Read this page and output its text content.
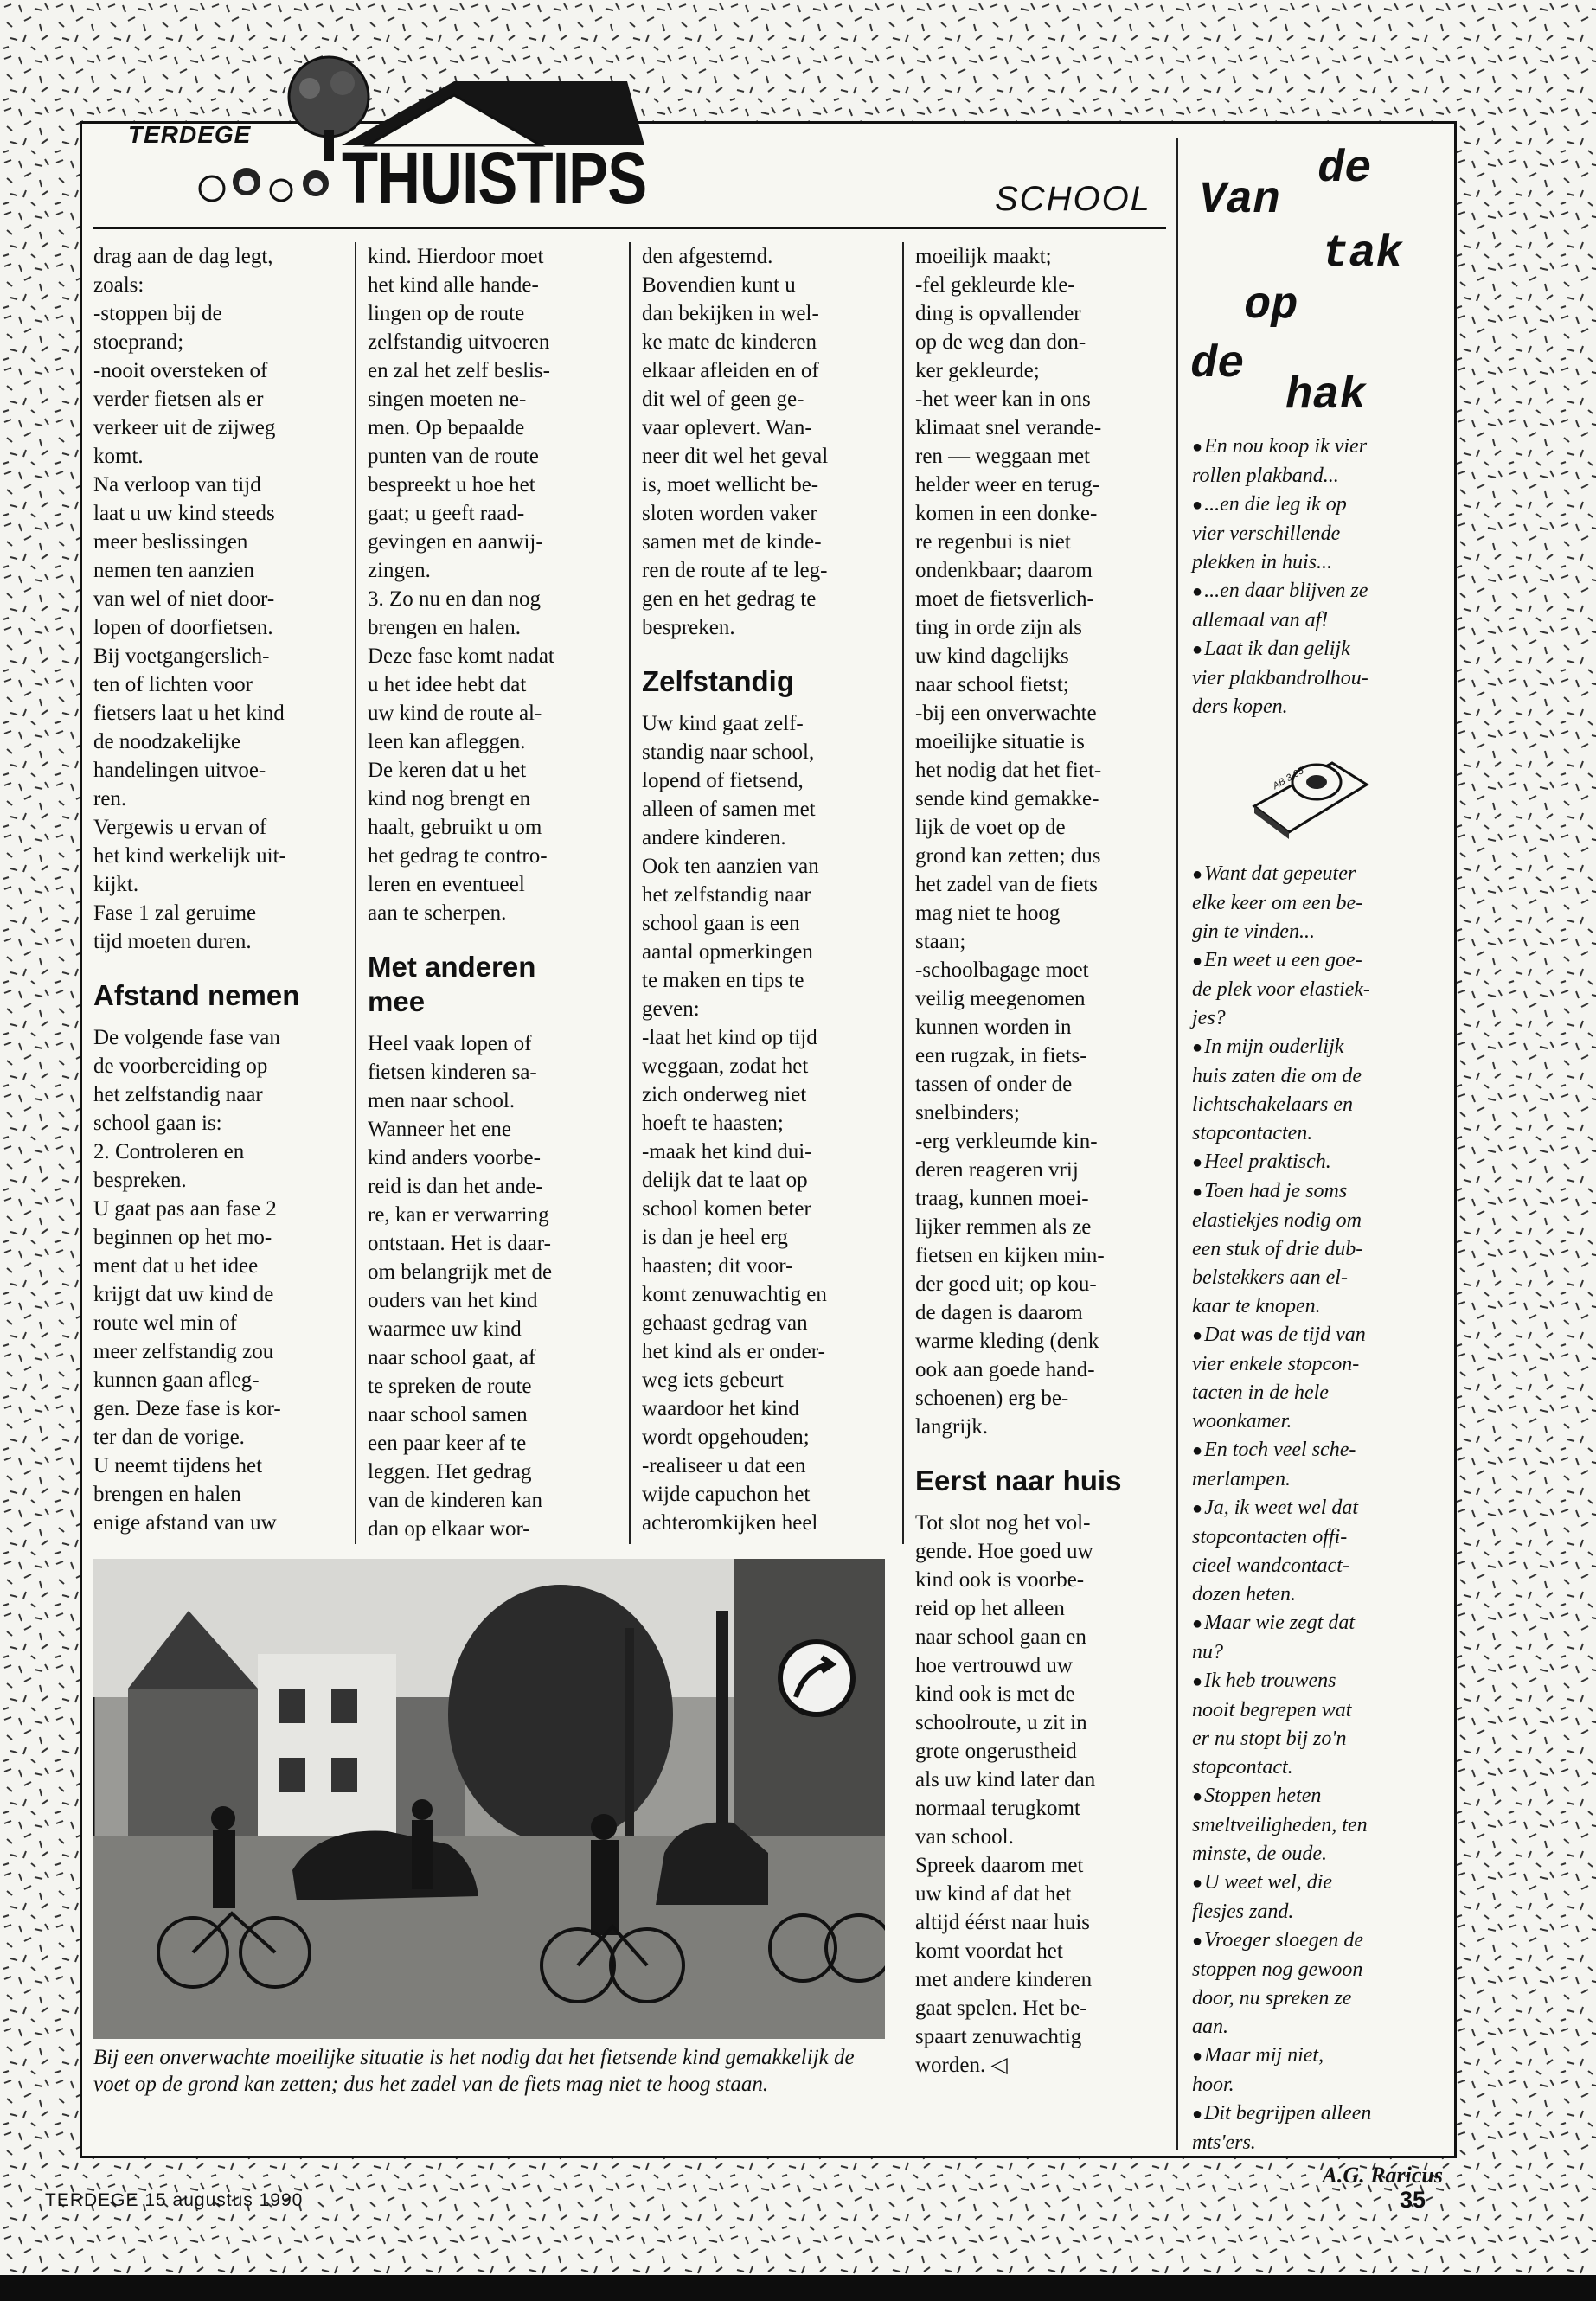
TERDEGE
THUISTIPS	SCHOOL

drag aan de dag legt,
zoals:
-stoppen bij de
stoeprand;
-nooit oversteken of
verder fietsen als er
verkeer uit de zijweg
komt.
Na verloop van tijd
laat u uw kind steeds
meer beslissingen
nemen ten aanzien
van wel of niet door-
lopen of doorfietsen.
Bij voetgangerslich-
ten of lichten voor
fietsers laat u het kind
de noodzakelijke
handelingen uitvoe-
ren.
Vergewis u ervan of
het kind werkelijk uit-
kijkt.
Fase 1 zal geruime
tijd moeten duren.

Afstand nemen

De volgende fase van
de voorbereiding op
het zelfstandig naar
school gaan is:
2. Controleren en
bespreken.
U gaat pas aan fase 2
beginnen op het mo-
ment dat u het idee
krijgt dat uw kind de
route wel min of
meer zelfstandig zou
kunnen gaan afleg-
gen. Deze fase is kor-
ter dan de vorige.
U neemt tijdens het
brengen en halen
enige afstand van uw

kind. Hierdoor moet
het kind alle hande-
lingen op de route
zelfstandig uitvoeren
en zal het zelf beslis-
singen moeten ne-
men. Op bepaalde
punten van de route
bespreekt u hoe het
gaat; u geeft raad-
gevingen en aanwij-
zingen.
3. Zo nu en dan nog
brengen en halen.
Deze fase komt nadat
u het idee hebt dat
uw kind de route al-
leen kan afleggen.
De keren dat u het
kind nog brengt en
haalt, gebruikt u om
het gedrag te contro-
leren en eventueel
aan te scherpen.

Met anderen
mee

Heel vaak lopen of
fietsen kinderen sa-
men naar school.
Wanneer het ene
kind anders voorbe-
reid is dan het ande-
re, kan er verwarring
ontstaan. Het is daar-
om belangrijk met de
ouders van het kind
waarmee uw kind
naar school gaat, af
te spreken de route
naar school samen
een paar keer af te
leggen. Het gedrag
van de kinderen kan
dan op elkaar wor-

den afgestemd.
Bovendien kunt u
dan bekijken in wel-
ke mate de kinderen
elkaar afleiden en of
dit wel of geen ge-
vaar oplevert. Wan-
neer dit wel het geval
is, moet wellicht be-
sloten worden vaker
samen met de kinde-
ren de route af te leg-
gen en het gedrag te
bespreken.

Zelfstandig

Uw kind gaat zelf-
standig naar school,
lopend of fietsend,
alleen of samen met
andere kinderen.
Ook ten aanzien van
het zelfstandig naar
school gaan is een
aantal opmerkingen
te maken en tips te
geven:
-laat het kind op tijd
weggaan, zodat het
zich onderweg niet
hoeft te haasten;
-maak het kind dui-
delijk dat te laat op
school komen beter
is dan je heel erg
haasten; dit voor-
komt zenuwachtig en
gehaast gedrag van
het kind als er onder-
weg iets gebeurt
waardoor het kind
wordt opgehouden;
-realiseer u dat een
wijde capuchon het
achteromkijken heel

moeilijk maakt;
-fel gekleurde kle-
ding is opvallender
op de weg dan don-
ker gekleurde;
-het weer kan in ons
klimaat snel verande-
ren — weggaan met
helder weer en terug-
komen in een donke-
re regenbui is niet
ondenkbaar; daarom
moet de fietsverlich-
ting in orde zijn als
uw kind dagelijks
naar school fietst;
-bij een onverwachte
moeilijke situatie is
het nodig dat het fiet-
sende kind gemakke-
lijk de voet op de
grond kan zetten; dus
het zadel van de fiets
mag niet te hoog
staan;
-schoolbagage moet
veilig meegenomen
kunnen worden in
een rugzak, in fiets-
tassen of onder de
snelbinders;
-erg verkleumde kin-
deren reageren vrij
traag, kunnen moei-
lijker remmen als ze
fietsen en kijken min-
der goed uit; op kou-
de dagen is daarom
warme kleding (denk
ook aan goede hand-
schoenen) erg be-
langrijk.

Eerst naar huis

Tot slot nog het vol-
gende. Hoe goed uw
kind ook is voorbe-
reid op het alleen
naar school gaan en
hoe vertrouwd uw
kind ook is met de
schoolroute, u zit in
grote ongerustheid
als uw kind later dan
normaal terugkomt
van school.
Spreek daarom met
uw kind af dat het
altijd éérst naar huis
komt voordat het
met andere kinderen
gaat spelen. Het be-
spaart zenuwachtig
worden. ◁

Bij een onverwachte moeilijke situatie is het nodig dat het fietsende kind gemakkelijk de voet op de grond kan zetten; dus het zadel van de fiets mag niet te hoog staan.

Van
de
tak
op
de
hak

●En nou koop ik vier
rollen plakband...

●...en die leg ik op
vier verschillende
plekken in huis...

●...en daar blijven ze
allemaal van af!

●Laat ik dan gelijk
vier plakbandrolhou-
ders kopen.

AB 3,65

●Want dat gepeuter
elke keer om een be-
gin te vinden...

●En weet u een goe-
de plek voor elastiek-
jes?

●In mijn ouderlijk
huis zaten die om de
lichtschakelaars en
stopcontacten.

●Heel praktisch.

●Toen had je soms
elastiekjes nodig om
een stuk of drie dub-
belstekkers aan el-
kaar te knopen.

●Dat was de tijd van
vier enkele stopcon-
tacten in de hele
woonkamer.

●En toch veel sche-
merlampen.

●Ja, ik weet wel dat
stopcontacten offi-
cieel wandcontact-
dozen heten.

●Maar wie zegt dat
nu?

●Ik heb trouwens
nooit begrepen wat
er nu stopt bij zo'n
stopcontact.

●Stoppen heten
smeltveiligheden, ten
minste, de oude.

●U weet wel, die
flesjes zand.

●Vroeger sloegen de
stoppen nog gewoon
door, nu spreken ze
aan.

●Maar mij niet,
hoor.

●Dit begrijpen alleen
mts'ers.

A.G. Raricus
TERDEGE 15 augustus 1990	35
